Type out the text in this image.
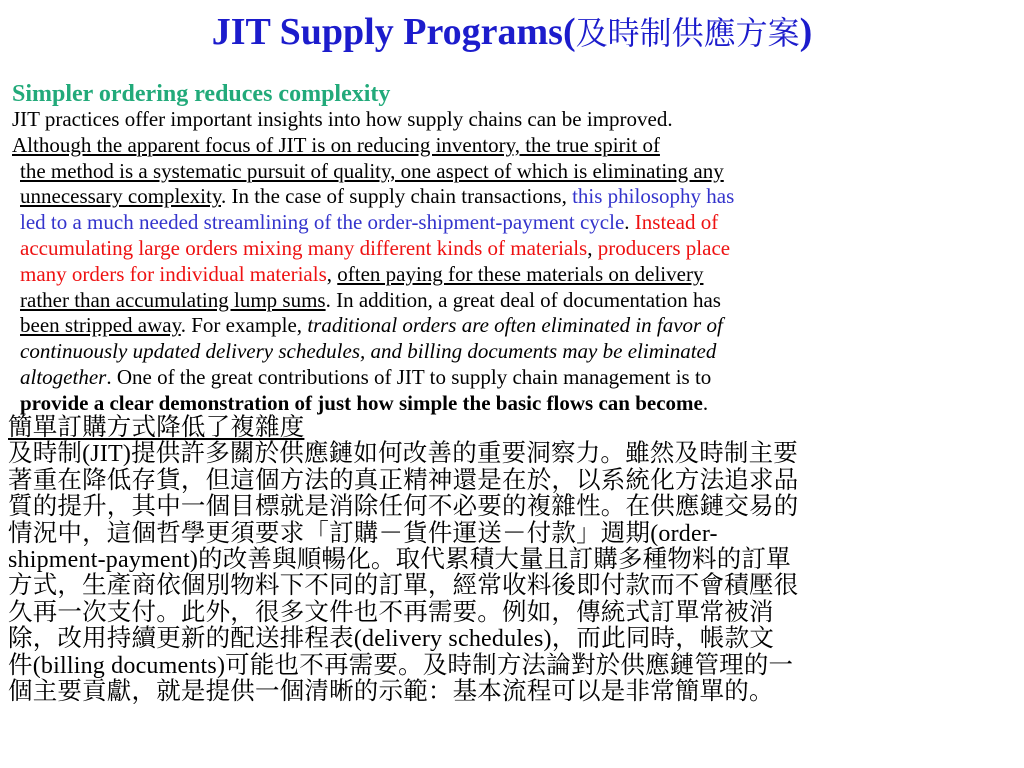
JIT Supply Programs(及時制供應方案)
Simpler ordering reduces complexity
JIT practices offer important insights into how supply chains can be improved.
Although the apparent focus of JIT is on reducing inventory, the true spirit of
the method is a systematic pursuit of quality, one aspect of which is eliminating any
unnecessary complexity. In the case of supply chain transactions, this philosophy has
led to a much needed streamlining of the order-shipment-payment cycle. Instead of
accumulating large orders mixing many different kinds of materials, producers place
many orders for individual materials, often paying for these materials on delivery
rather than accumulating lump sums. In addition, a great deal of documentation has
been stripped away. For example, traditional orders are often eliminated in favor of
continuously updated delivery schedules, and billing documents may be eliminated
altogether. One of the great contributions of JIT to supply chain management is to
provide a clear demonstration of just how simple the basic flows can become.
簡單訂購方式降低了複雜度
及時制(JIT)提供許多關於供應鏈如何改善的重要洞察力。雖然及時制主要
著重在降低存貨，但這個方法的真正精神還是在於，以系統化方法追求品
質的提升，其中一個目標就是消除任何不必要的複雜性。在供應鏈交易的
情況中，這個哲學更須要求「訂購－貨件運送－付款」週期(order-
shipment-payment)的改善與順暢化。取代累積大量且訂購多種物料的訂單
方式，生產商依個別物料下不同的訂單，經常收料後即付款而不會積壓很
久再一次支付。此外，很多文件也不再需要。例如，傳統式訂單常被消
除，改用持續更新的配送排程表(delivery schedules)，而此同時，帳款文
件(billing documents)可能也不再需要。及時制方法論對於供應鏈管理的一
個主要貢獻，就是提供一個清晰的示範：基本流程可以是非常簡單的。
